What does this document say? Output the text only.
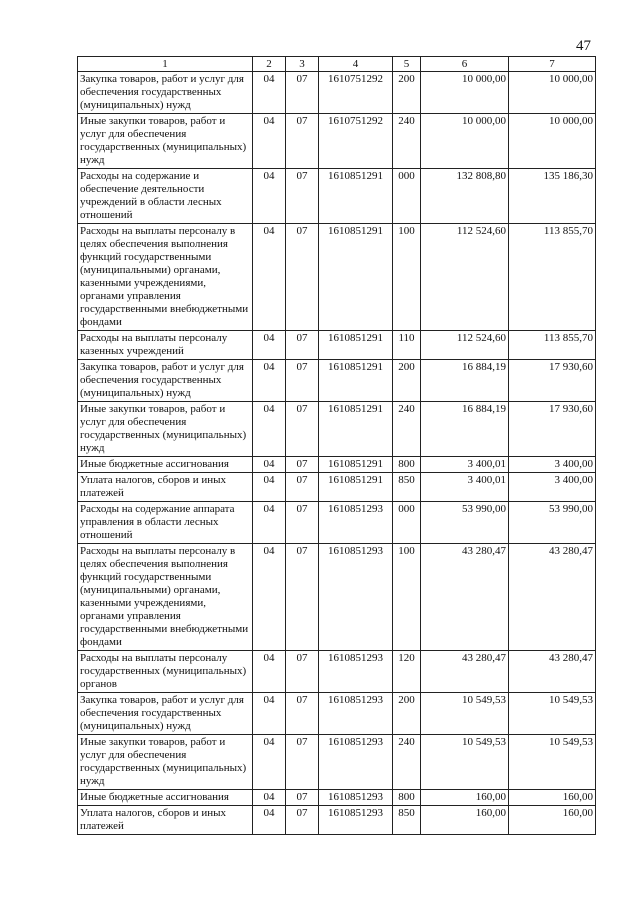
47
1	2	3	4	5	6	7
Закупка товаров, работ и услуг для обеспечения государственных (муниципальных) нужд	04	07	1610751292	200	10 000,00	10 000,00
Иные закупки товаров, работ и услуг для обеспечения государственных (муниципальных) нужд	04	07	1610751292	240	10 000,00	10 000,00
Расходы на содержание и обеспечение деятельности учреждений в области лесных отношений	04	07	1610851291	000	132 808,80	135 186,30
Расходы на выплаты персоналу в целях обеспечения выполнения функций государственными (муниципальными) органами, казенными учреждениями, органами управления государственными внебюджетными фондами	04	07	1610851291	100	112 524,60	113 855,70
Расходы на выплаты персоналу казенных учреждений	04	07	1610851291	110	112 524,60	113 855,70
Закупка товаров, работ и услуг для обеспечения государственных (муниципальных) нужд	04	07	1610851291	200	16 884,19	17 930,60
Иные закупки товаров, работ и услуг для обеспечения государственных (муниципальных) нужд	04	07	1610851291	240	16 884,19	17 930,60
Иные бюджетные ассигнования	04	07	1610851291	800	3 400,01	3 400,00
Уплата налогов, сборов и иных платежей	04	07	1610851291	850	3 400,01	3 400,00
Расходы на содержание аппарата управления в области лесных отношений	04	07	1610851293	000	53 990,00	53 990,00
Расходы на выплаты персоналу в целях обеспечения выполнения функций государственными (муниципальными) органами, казенными учреждениями, органами управления государственными внебюджетными фондами	04	07	1610851293	100	43 280,47	43 280,47
Расходы на выплаты персоналу государственных (муниципальных) органов	04	07	1610851293	120	43 280,47	43 280,47
Закупка товаров, работ и услуг для обеспечения государственных (муниципальных) нужд	04	07	1610851293	200	10 549,53	10 549,53
Иные закупки товаров, работ и услуг для обеспечения государственных (муниципальных) нужд	04	07	1610851293	240	10 549,53	10 549,53
Иные бюджетные ассигнования	04	07	1610851293	800	160,00	160,00
Уплата налогов, сборов и иных платежей	04	07	1610851293	850	160,00	160,00
